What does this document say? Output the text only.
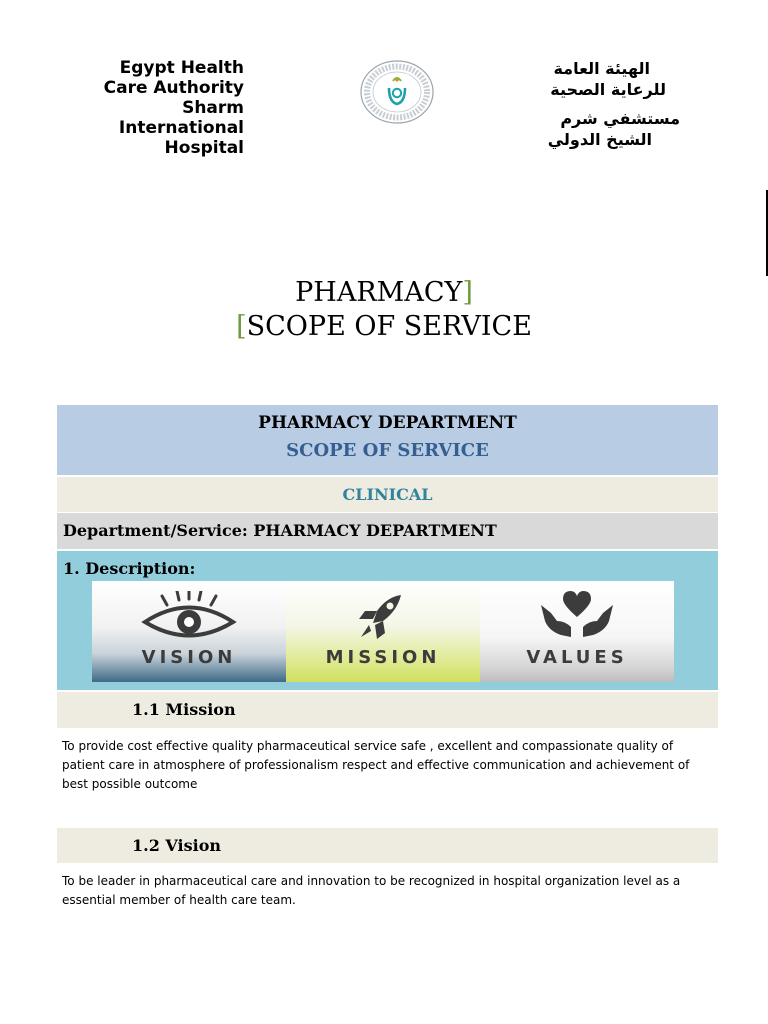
Egypt Health
Care Authority
Sharm
International
Hospital
الهيئة العامة
للرعاية الصحية
مستشفي شرم
الشيخ الدولي
PHARMACY]
[SCOPE OF SERVICE
PHARMACY DEPARTMENT
SCOPE OF SERVICE
CLINICAL
Department/Service: PHARMACY DEPARTMENT
1. Description:
VISION	MISSION	VALUES
1.1 Mission
To provide cost effective quality pharmaceutical service safe , excellent and compassionate quality of patient care in atmosphere of professionalism respect and effective communication and achievement of best possible outcome
1.2 Vision
To be leader in pharmaceutical care and innovation to be recognized in hospital organization level as a essential member of health care team.
